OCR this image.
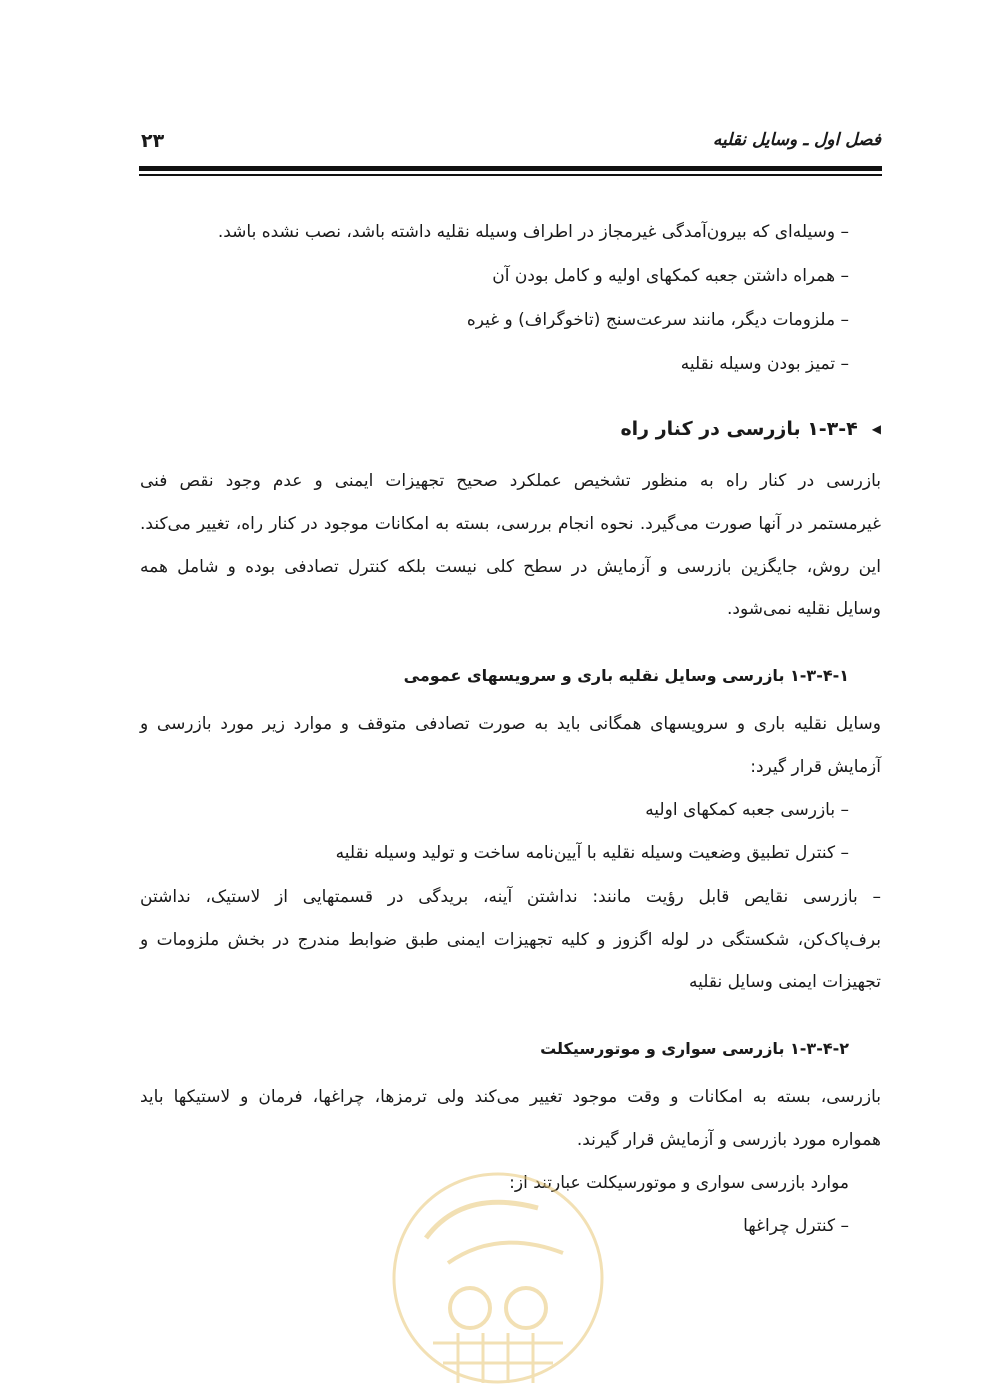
فصل اول ـ وسایل نقلیه
۲۳
– وسیله‌ای که بیرون‌آمدگی غیرمجاز در اطراف وسیله نقلیه داشته باشد، نصب نشده باشد.
– همراه داشتن جعبه کمکهای اولیه و کامل بودن آن
– ملزومات دیگر، مانند سرعت‌سنج (تاخوگراف) و غیره
– تمیز بودن وسیله نقلیه
◀۱-۳-۴ بازرسی در کنار راه
بازرسی در کنار راه به منظور تشخیص عملکرد صحیح تجهیزات ایمنی و عدم وجود نقص فنی
غیرمستمر در آنها صورت می‌گیرد. نحوه انجام بررسی، بسته به امکانات موجود در کنار راه، تغییر می‌کند.
این روش، جایگزین بازرسی و آزمایش در سطح کلی نیست بلکه کنترل تصادفی بوده و شامل همه
وسایل نقلیه نمی‌شود.
۱-۳-۴-۱ بازرسی وسایل نقلیه باری و سرویسهای عمومی
وسایل نقلیه باری و سرویسهای همگانی باید به صورت تصادفی متوقف و موارد زیر مورد بازرسی و
آزمایش قرار گیرد:
– بازرسی جعبه کمکهای اولیه
– کنترل تطبیق وضعیت وسیله نقلیه با آیین‌نامه ساخت و تولید وسیله نقلیه
– بازرسی نقایص قابل رؤیت مانند: نداشتن آینه، بریدگی در قسمتهایی از لاستیک، نداشتن
برف‌پاک‌کن، شکستگی در لوله اگزوز و کلیه تجهیزات ایمنی طبق ضوابط مندرج در بخش ملزومات و
تجهیزات ایمنی وسایل نقلیه
۱-۳-۴-۲ بازرسی سواری و موتورسیکلت
بازرسی، بسته به امکانات و وقت موجود تغییر می‌کند ولی ترمزها، چراغها، فرمان و لاستیکها باید
همواره مورد بازرسی و آزمایش قرار گیرند.
موارد بازرسی سواری و موتورسیکلت عبارتند از:
– کنترل چراغها
